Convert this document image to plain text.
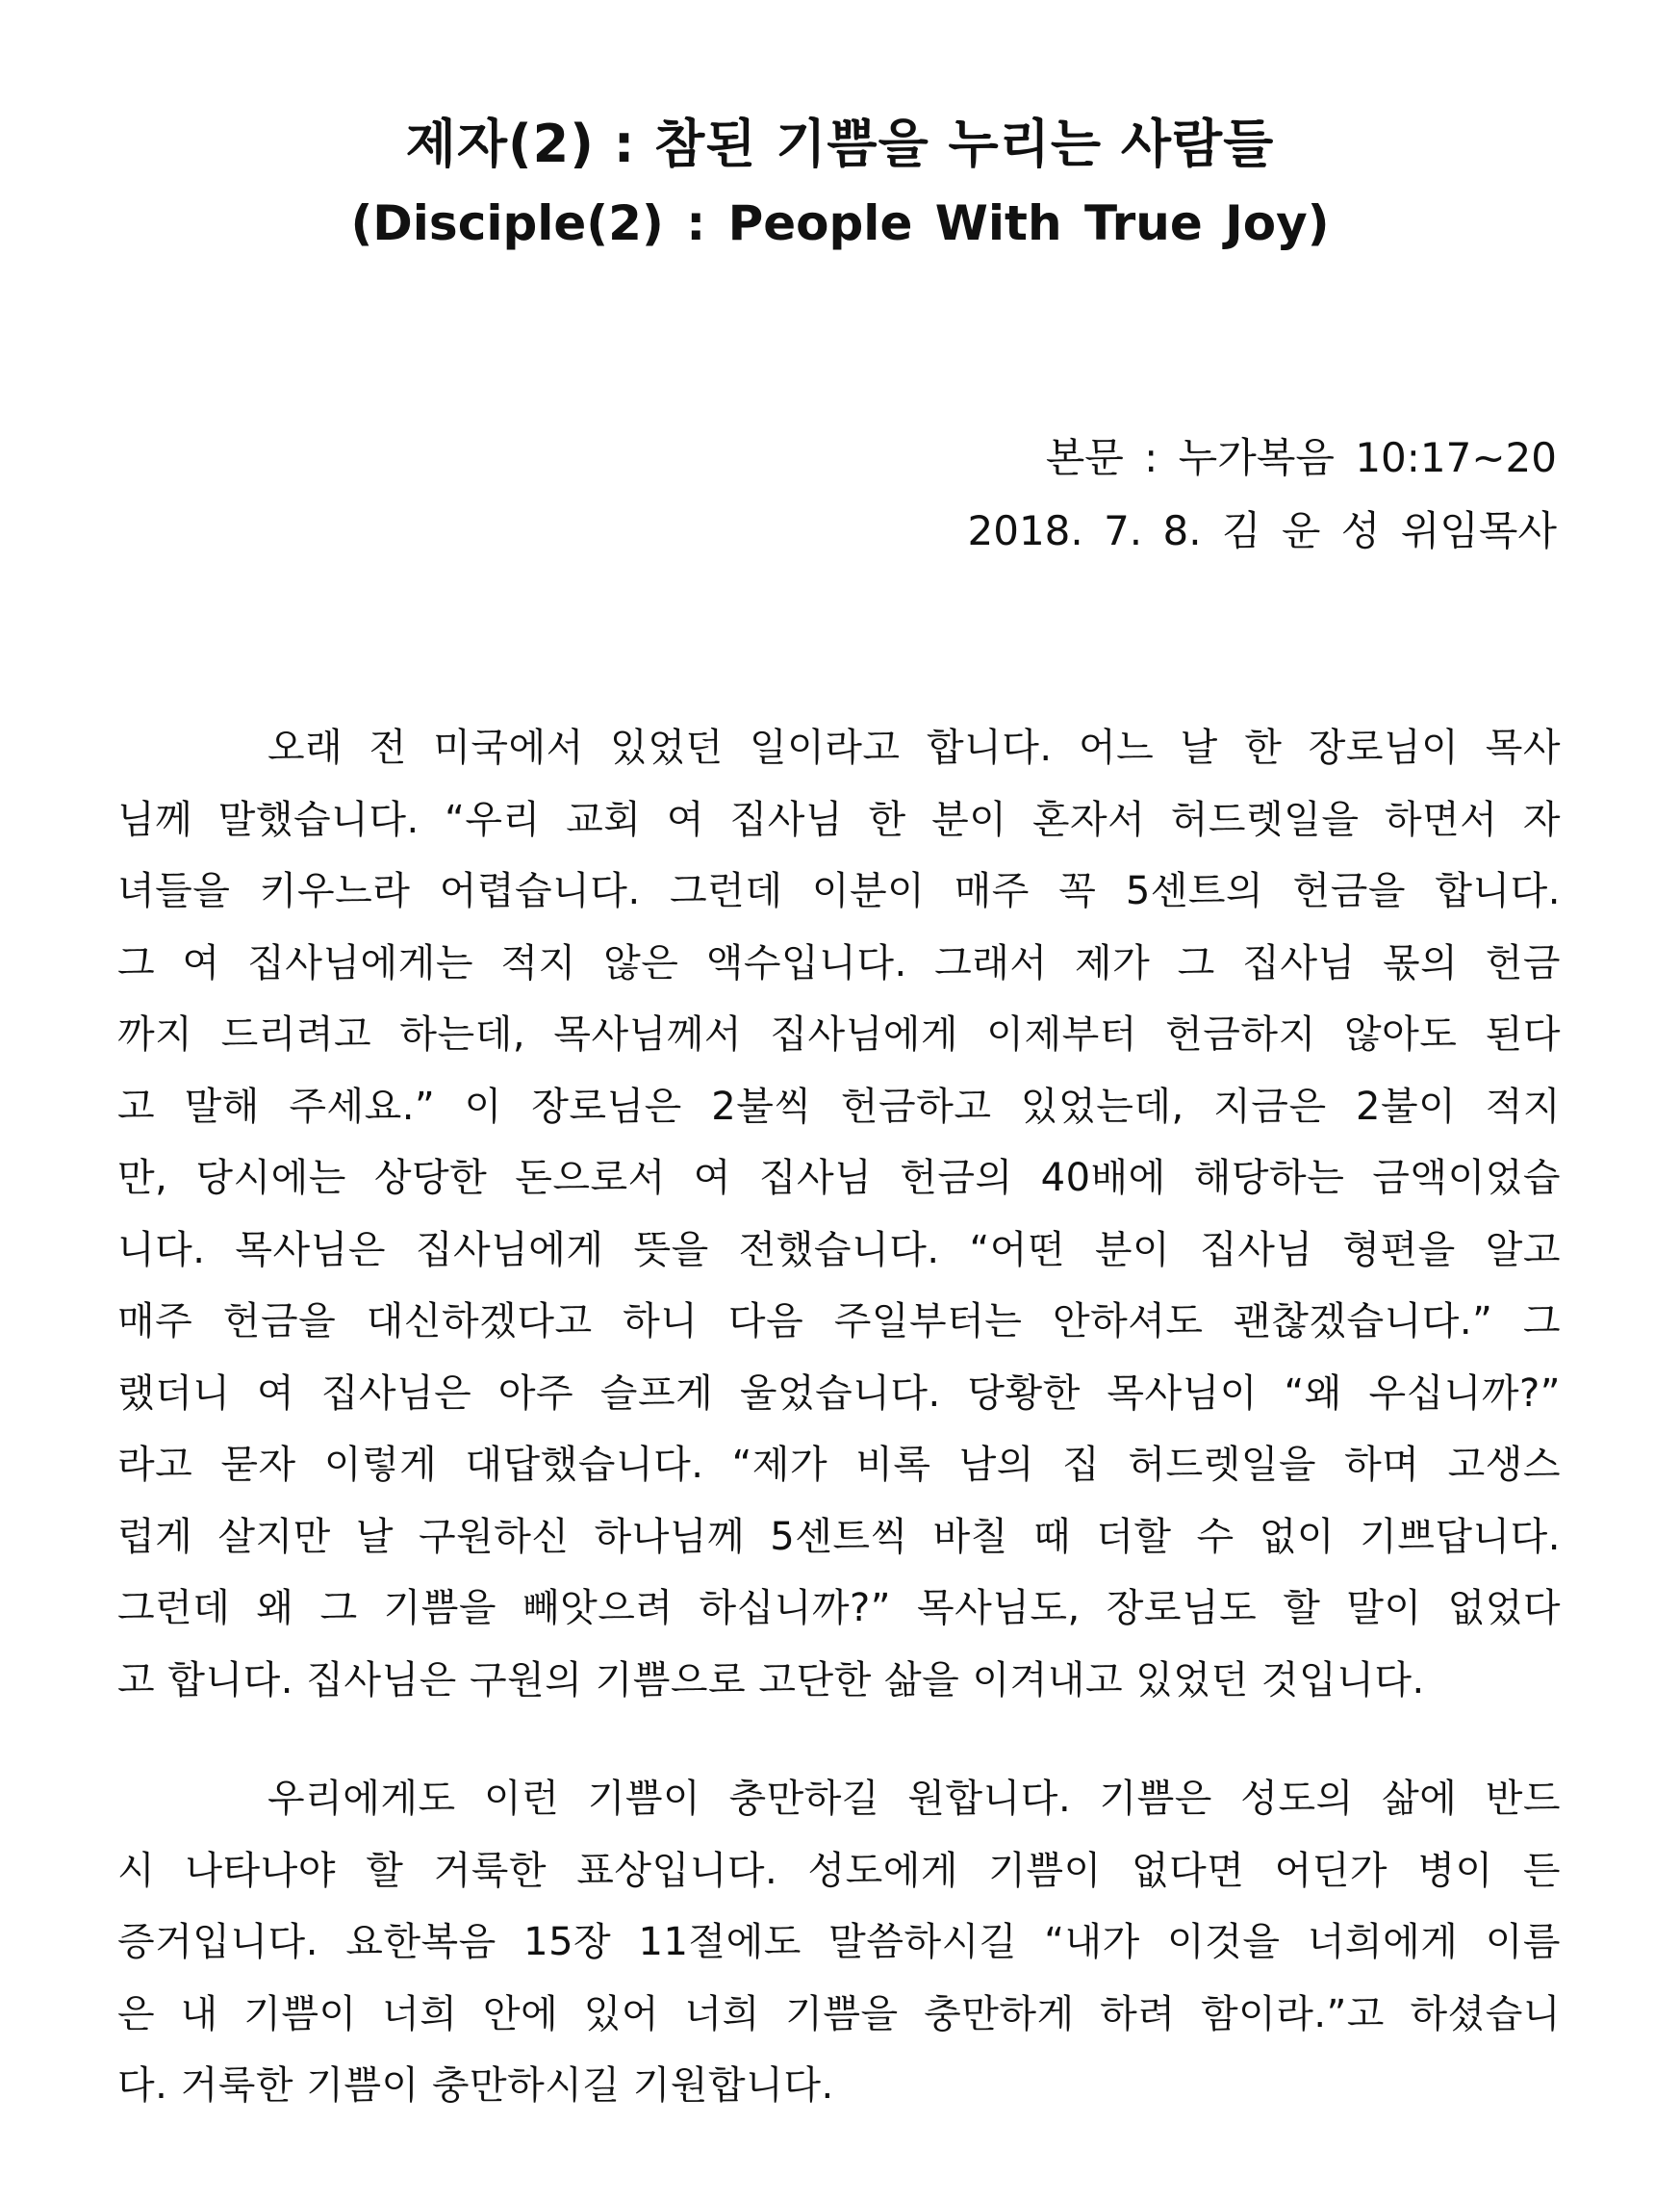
제자(2) : 참된 기쁨을 누리는 사람들

(Disciple(2) : People With True Joy)

본문 : 누가복음 10:17~20
2018. 7. 8. 김 운 성 위임목사
오래 전 미국에서 있었던 일이라고 합니다. 어느 날 한 장로님이 목사
님께 말했습니다. “우리 교회 여 집사님 한 분이 혼자서 허드렛일을 하면서 자
녀들을 키우느라 어렵습니다. 그런데 이분이 매주 꼭 5센트의 헌금을 합니다.
그 여 집사님에게는 적지 않은 액수입니다. 그래서 제가 그 집사님 몫의 헌금
까지 드리려고 하는데, 목사님께서 집사님에게 이제부터 헌금하지 않아도 된다
고 말해 주세요.” 이 장로님은 2불씩 헌금하고 있었는데, 지금은 2불이 적지
만, 당시에는 상당한 돈으로서 여 집사님 헌금의 40배에 해당하는 금액이었습
니다. 목사님은 집사님에게 뜻을 전했습니다. “어떤 분이 집사님 형편을 알고
매주 헌금을 대신하겠다고 하니 다음 주일부터는 안하셔도 괜찮겠습니다.” 그
랬더니 여 집사님은 아주 슬프게 울었습니다. 당황한 목사님이 “왜 우십니까?”
라고 묻자 이렇게 대답했습니다. “제가 비록 남의 집 허드렛일을 하며 고생스
럽게 살지만 날 구원하신 하나님께 5센트씩 바칠 때 더할 수 없이 기쁘답니다.
그런데 왜 그 기쁨을 빼앗으려 하십니까?” 목사님도, 장로님도 할 말이 없었다
고 합니다. 집사님은 구원의 기쁨으로 고단한 삶을 이겨내고 있었던 것입니다.
우리에게도 이런 기쁨이 충만하길 원합니다. 기쁨은 성도의 삶에 반드
시 나타나야 할 거룩한 표상입니다. 성도에게 기쁨이 없다면 어딘가 병이 든
증거입니다. 요한복음 15장 11절에도 말씀하시길 “내가 이것을 너희에게 이름
은 내 기쁨이 너희 안에 있어 너희 기쁨을 충만하게 하려 함이라.”고 하셨습니
다. 거룩한 기쁨이 충만하시길 기원합니다.
